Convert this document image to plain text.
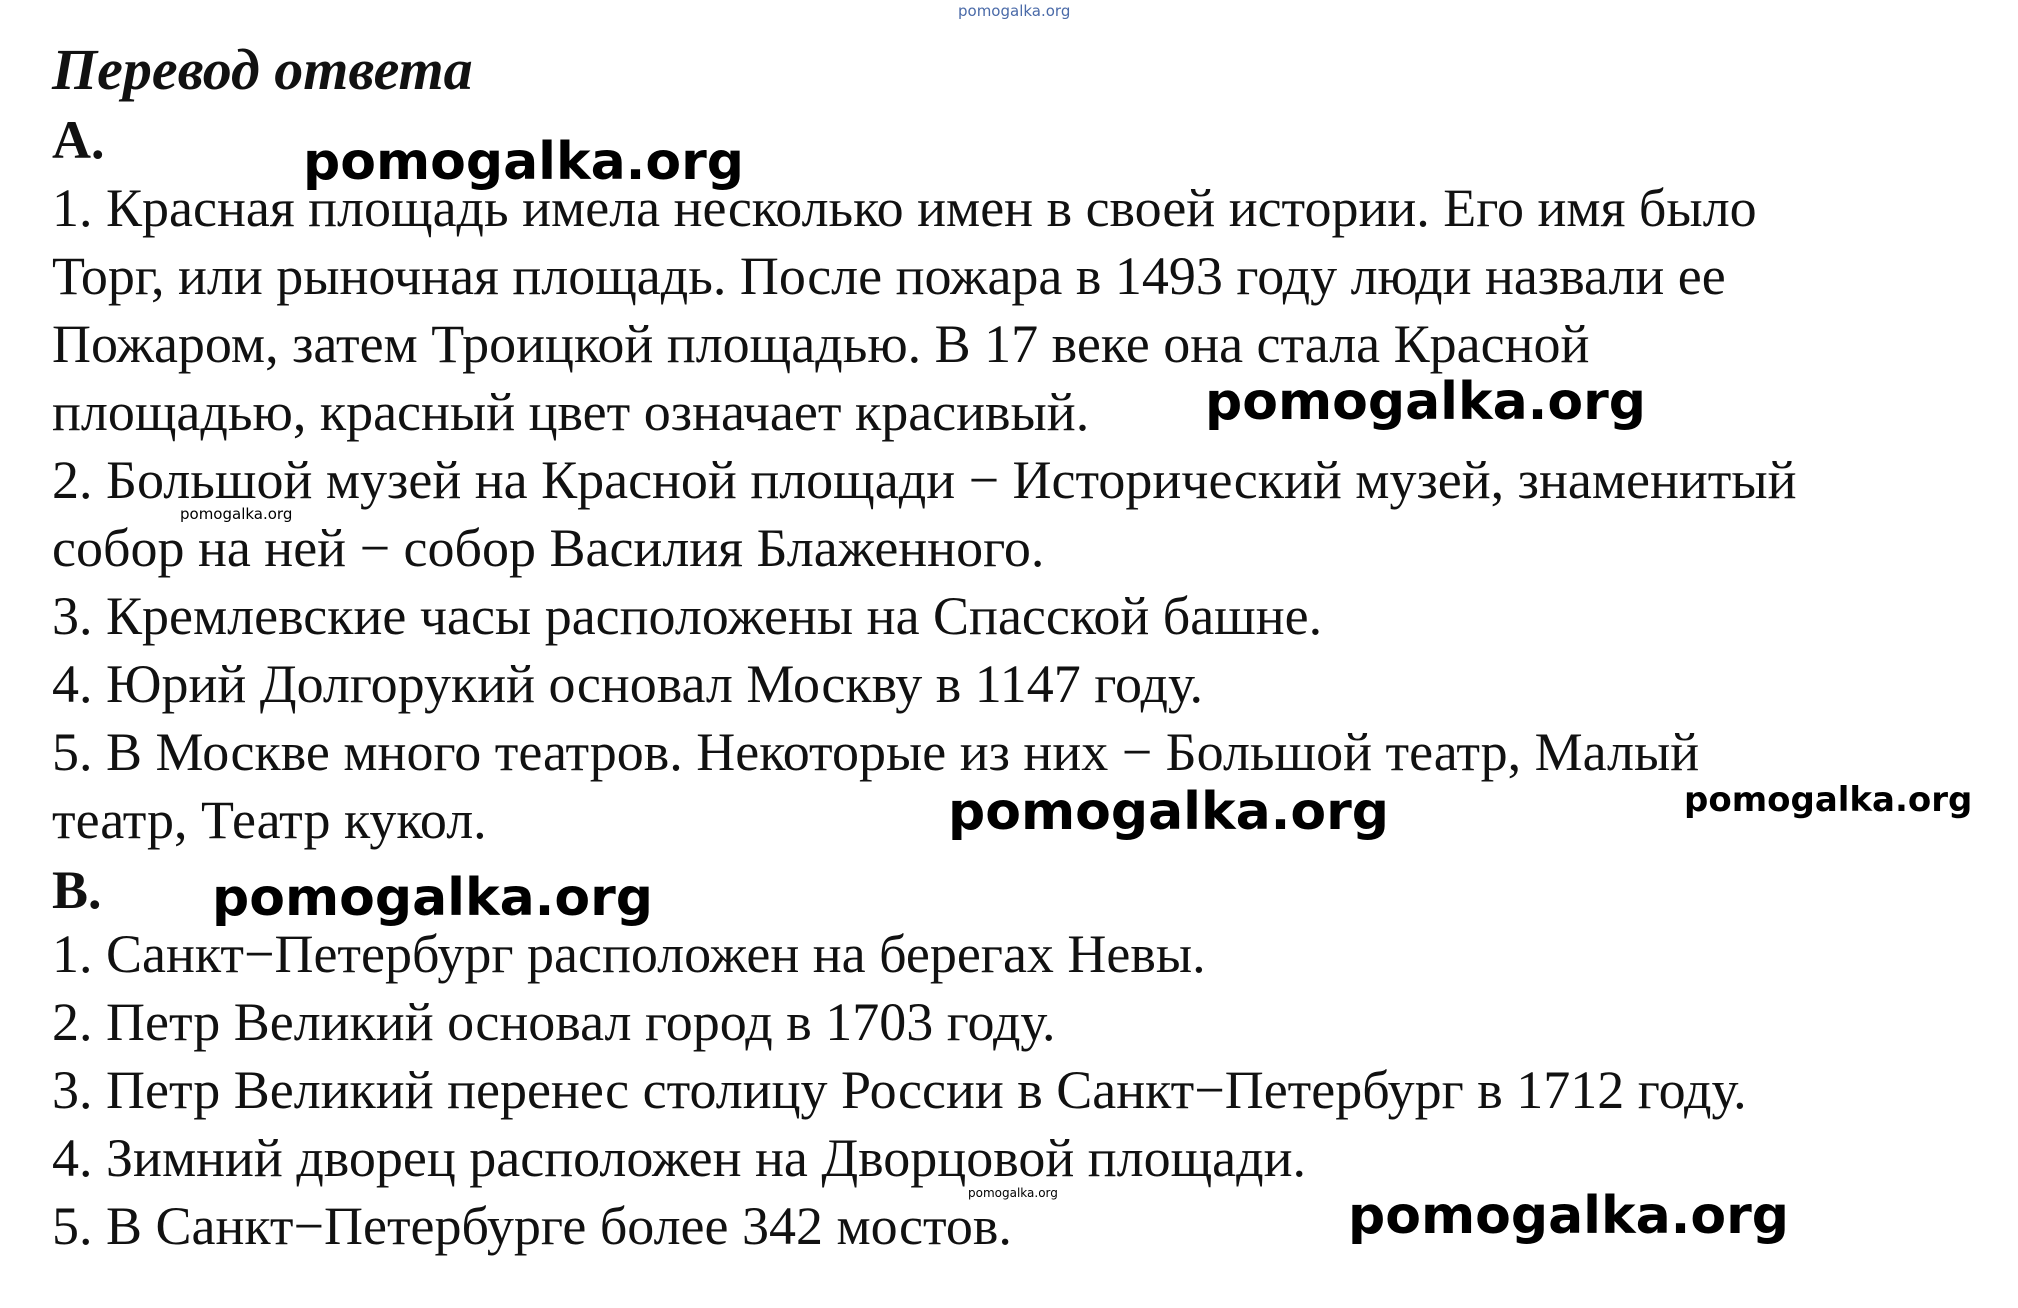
pomogalka.org
Перевод ответа
A.	pomogalka.org
1. Красная площадь имела несколько имен в своей истории. Его имя было
Торг, или рыночная площадь. После пожара в 1493 году люди назвали ее
Пожаром, затем Троицкой площадью. В 17 веке она стала Красной
площадью, красный цвет означает красивый. pomogalka.org
2. Большой музей на Красной площади − Исторический музей, знаменитый
pomogalka.org
собор на ней − собор Василия Блаженного.
3. Кремлевские часы расположены на Спасской башне.
4. Юрий Долгорукий основал Москву в 1147 году.
5. В Москве много театров. Некоторые из них − Большой театр, Малый
театр, Театр кукол.	pomogalka.org	pomogalka.org
B. pomogalka.org
1. Санкт−Петербург расположен на берегах Невы.
2. Петр Великий основал город в 1703 году.
3. Петр Великий перенес столицу России в Санкт−Петербург в 1712 году.
4. Зимний дворец расположен на Дворцовой площади.
pomogalka.org
5. В Санкт−Петербурге более 342 мостов.	pomogalka.org
